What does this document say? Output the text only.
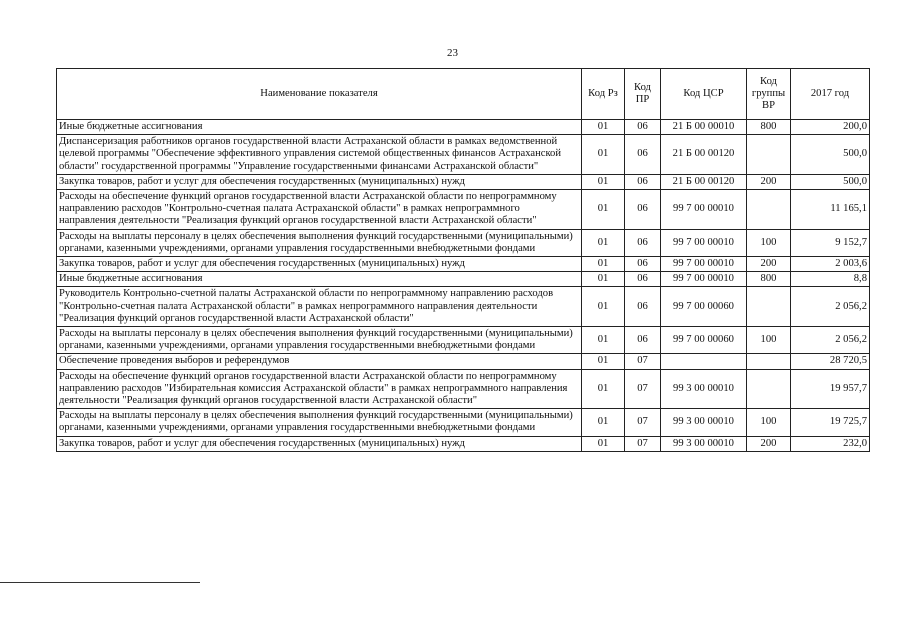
23
Наименование показателя	Код Рз	Код ПР	Код ЦСР	Код группы ВР	2017 год
Иные бюджетные ассигнования	01	06	21 Б 00 00010	800	200,0
Диспансеризация работников органов государственной власти Астраханской области в рамках ведомственной целевой программы "Обеспечение эффективного управления системой общественных финансов Астраханской области" государственной программы "Управление государственными финансами Астраханской области"	01	06	21 Б 00 00120		500,0
Закупка товаров, работ и услуг для обеспечения государственных (муниципальных) нужд	01	06	21 Б 00 00120	200	500,0
Расходы на обеспечение функций органов государственной власти Астраханской области по непрограммному направлению расходов "Контрольно-счетная палата Астраханской области" в рамках непрограммного направления деятельности "Реализация функций органов государственной власти Астраханской области"	01	06	99 7 00 00010		11 165,1
Расходы на выплаты персоналу в целях обеспечения выполнения функций государственными (муниципальными) органами, казенными учреждениями, органами управления государственными внебюджетными фондами	01	06	99 7 00 00010	100	9 152,7
Закупка товаров, работ и услуг для обеспечения государственных (муниципальных) нужд	01	06	99 7 00 00010	200	2 003,6
Иные бюджетные ассигнования	01	06	99 7 00 00010	800	8,8
Руководитель Контрольно-счетной палаты Астраханской области по непрограммному направлению расходов "Контрольно-счетная палата Астраханской области" в рамках непрограммного направления деятельности "Реализация функций органов государственной власти Астраханской области"	01	06	99 7 00 00060		2 056,2
Расходы на выплаты персоналу в целях обеспечения выполнения функций государственными (муниципальными) органами, казенными учреждениями, органами управления государственными внебюджетными фондами	01	06	99 7 00 00060	100	2 056,2
Обеспечение проведения выборов и референдумов	01	07			28 720,5
Расходы на обеспечение функций органов государственной власти Астраханской области по непрограммному направлению расходов "Избирательная комиссия Астраханской области" в рамках непрограммного направления деятельности "Реализация функций органов государственной власти Астраханской области"	01	07	99 3 00 00010		19 957,7
Расходы на выплаты персоналу в целях обеспечения выполнения функций государственными (муниципальными) органами, казенными учреждениями, органами управления государственными внебюджетными фондами	01	07	99 3 00 00010	100	19 725,7
Закупка товаров, работ и услуг для обеспечения государственных (муниципальных) нужд	01	07	99 3 00 00010	200	232,0
